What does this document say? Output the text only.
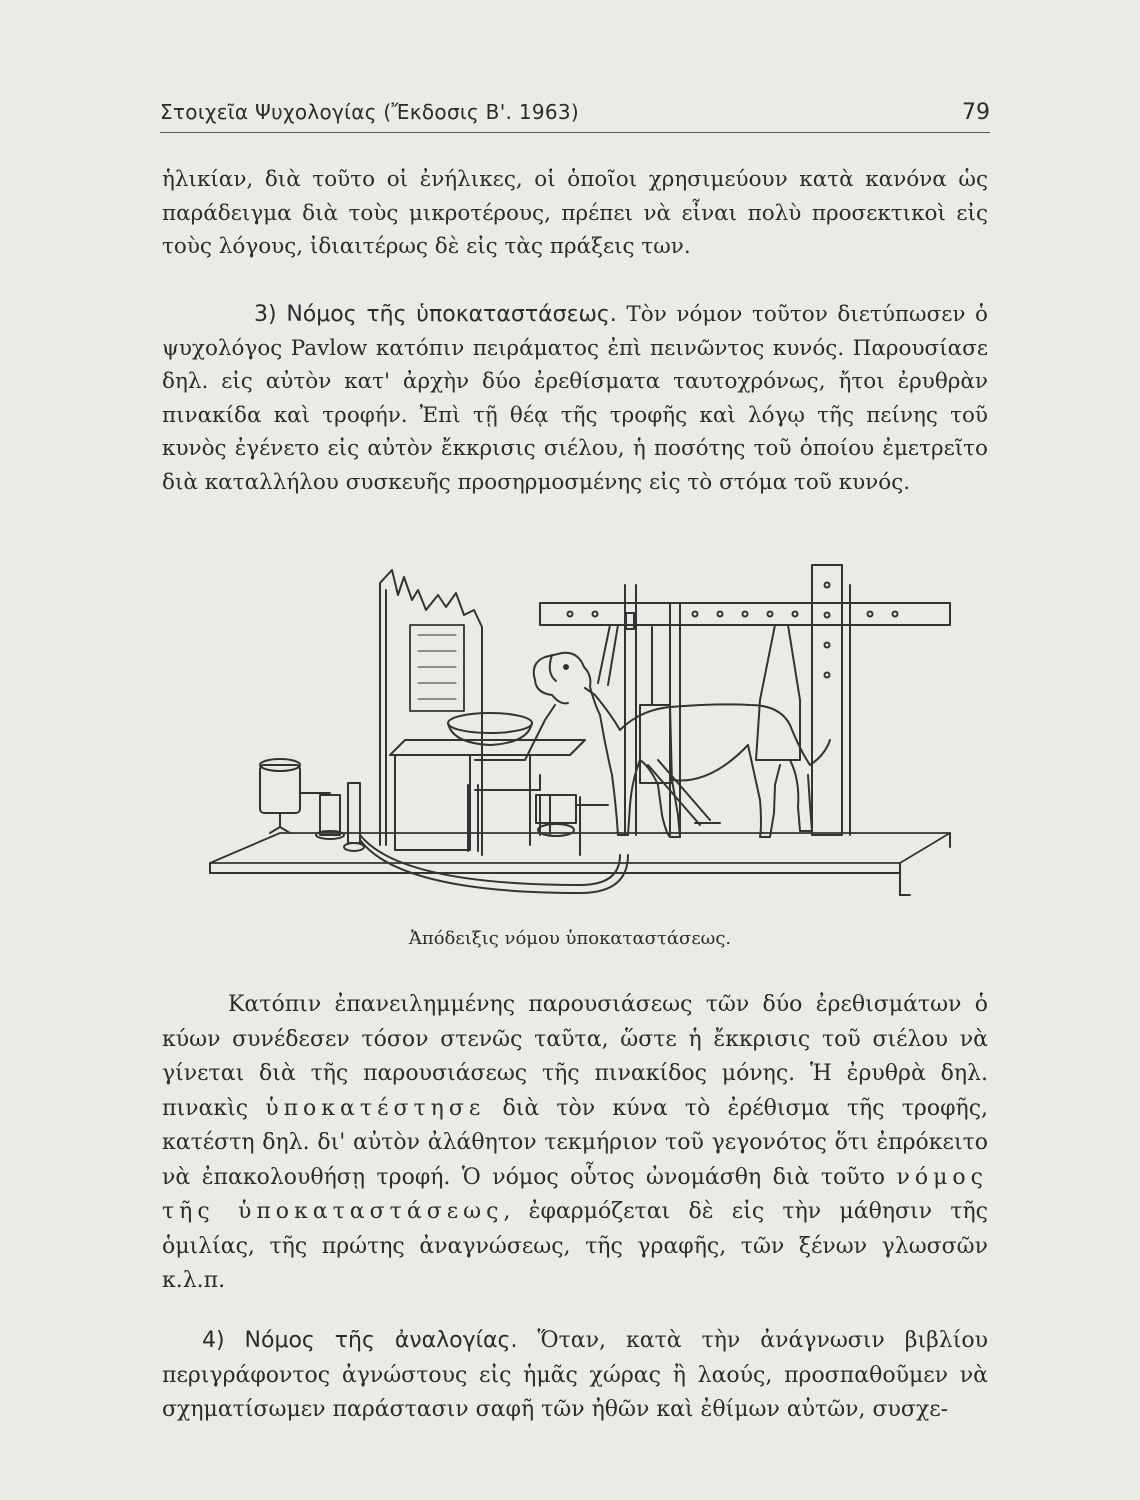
Στοιχεῖα Ψυχολογίας (Ἔκδοσις Β'. 1963)	79

ἡλικίαν, διὰ τοῦτο οἱ ἐνήλικες, οἱ ὁποῖοι χρησιμεύουν κατὰ κανόνα ὡς παράδειγμα διὰ τοὺς μικροτέρους, πρέπει νὰ εἶναι πολὺ προσεκτικοὶ εἰς τοὺς λόγους, ἰδιαιτέρως δὲ εἰς τὰς πράξεις των.

3) Νόμος τῆς ὑποκαταστάσεως. Τὸν νόμον τοῦτον διετύπωσεν ὁ ψυχολόγος Pavlow κατόπιν πειράματος ἐπὶ πεινῶντος κυνός. Παρουσίασε δηλ. εἰς αὐτὸν κατ' ἀρχὴν δύο ἐρεθίσματα ταυτοχρόνως, ἤτοι ἐρυθρὰν πινακίδα καὶ τροφήν. Ἐπὶ τῇ θέᾳ τῆς τροφῆς καὶ λόγῳ τῆς πείνης τοῦ κυνὸς ἐγένετο εἰς αὐτὸν ἔκκρισις σιέλου, ἡ ποσότης τοῦ ὁποίου ἐμετρεῖτο διὰ καταλλήλου συσκευῆς προσηρμοσμένης εἰς τὸ στόμα τοῦ κυνός.

Ἀπόδειξις νόμου ὑποκαταστάσεως.

Κατόπιν ἐπανειλημμένης παρουσιάσεως τῶν δύο ἐρεθισμάτων ὁ κύων συνέδεσεν τόσον στενῶς ταῦτα, ὥστε ἡ ἔκκρισις τοῦ σιέλου νὰ γίνεται διὰ τῆς παρουσιάσεως τῆς πινακίδος μόνης. Ἡ ἐρυθρὰ δηλ. πινακὶς ὑποκατέστησε διὰ τὸν κύνα τὸ ἐρέθισμα τῆς τροφῆς, κατέστη δηλ. δι' αὐτὸν ἀλάθητον τεκμήριον τοῦ γεγονότος ὅτι ἐπρόκειτο νὰ ἐπακολουθήσῃ τροφή. Ὁ νόμος οὗτος ὠνομάσθη διὰ τοῦτο νόμος τῆς ὑποκαταστάσεως, ἐφαρμόζεται δὲ εἰς τὴν μάθησιν τῆς ὁμιλίας, τῆς πρώτης ἀναγνώσεως, τῆς γραφῆς, τῶν ξένων γλωσσῶν κ.λ.π.

4) Νόμος τῆς ἀναλογίας. Ὅταν, κατὰ τὴν ἀνάγνωσιν βιβλίου περιγράφοντος ἀγνώστους εἰς ἡμᾶς χώρας ἢ λαούς, προσπαθοῦμεν νὰ σχηματίσωμεν παράστασιν σαφῆ τῶν ἠθῶν καὶ ἐθίμων αὐτῶν, συσχε-
